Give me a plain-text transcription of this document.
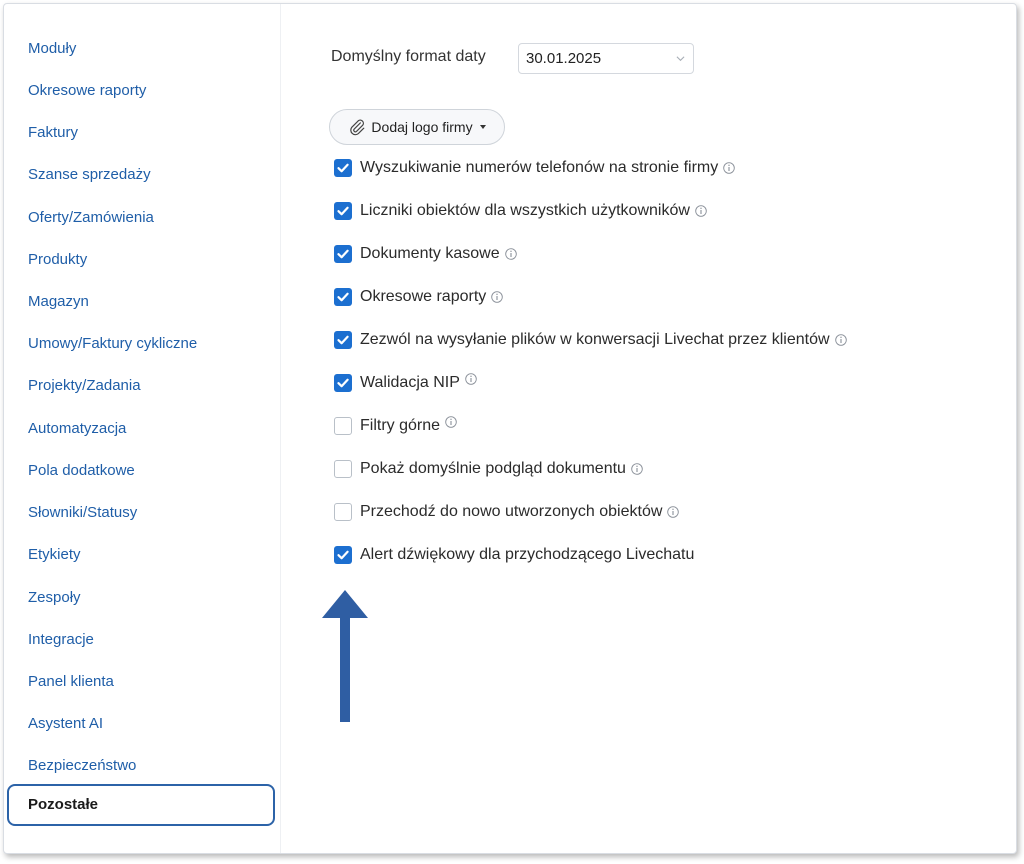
Moduły
Okresowe raporty
Faktury
Szanse sprzedaży
Oferty/Zamówienia
Produkty
Magazyn
Umowy/Faktury cykliczne
Projekty/Zadania
Automatyzacja
Pola dodatkowe
Słowniki/Statusy
Etykiety
Zespoły
Integracje
Panel klienta
Asystent AI
Bezpieczeństwo
Pozostałe
Domyślny format daty	30.01.2025
Dodaj logo firmy
Wyszukiwanie numerów telefonów na stronie firmy
Liczniki obiektów dla wszystkich użytkowników
Dokumenty kasowe
Okresowe raporty
Zezwól na wysyłanie plików w konwersacji Livechat przez klientów
Walidacja NIP
Filtry górne
Pokaż domyślnie podgląd dokumentu
Przechodź do nowo utworzonych obiektów
Alert dźwiękowy dla przychodzącego Livechatu
